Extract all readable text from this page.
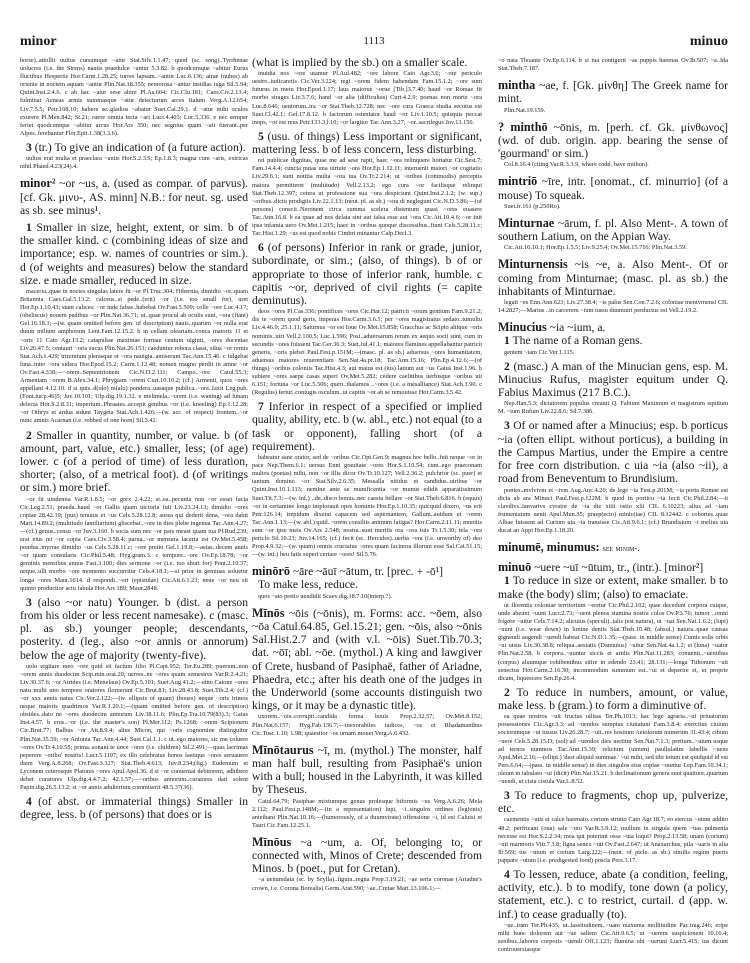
minor	1113	minuo

horse)..attollit uultus cursumque ~atur Stat.Silv.1.1.47; quod (sc. song)..Tyrrhenae uolucres (i.e. the Sirens) nautis praedulce ~antur 5.3.82. b quodcumque ~abitur Eurus fluctibus Hesperiis Hor.Carm.1.28.25; turres lapsam..~antur Luc.6.136; atrae (nubes) ab oriente in noctem aquam ~antur Plin.Nat.18.355; nemorosa ~antur insidias iuga Sil.5.94; Quint.Inst.2.4.6. c ab hac ~atur sese abire Pl.As.604; Cic.Clu.181; Caes.Civ.2.13.4; fulminat Aeneas armis summasque ~atur deiecturum arces Italum Verg.A.12.654; Liv.7.5.5; Petr.108.10; habere se..gladios ~abatur Suet.Cal.29.1. d ~atur mihi oculos exurere Pl.Men.842; St.21; ruere omnia tecta ~ari Lucr.4.403; Luc.5.336. e nec semper feriet quodcumque ~abitur arcus Hor.Ars 350; nec segnius quam ~ati fuerant..per Alpes..ferebantur Flor.Epit.1.38(3.3.6).

3 (tr.) To give an indication of (a future action).

uultus erat multa et praeclara ~antis Hor.S.2.3.9; Ep.1.8.3; magna cum ~aris, extricas nihil Phaed.4.23(24).4.

minor² ~or ~us, a. (used as compar. of parvus). [cf. Gk. μινυ-, AS. minn] N.B.: for neut. sg. used as sb. see minus¹.

1 Smaller in size, height, extent, or sim. b of the smaller kind. c (combining ideas of size and importance; esp. w. names of countries or sim.). d (of weights and measures) below the standard size. e made smaller, reduced in size.

maceria..quae in noctes singulas latere fit ~or Pl.Truc.304; Hibernia, dimidio ~or..quam Britannia Caes.Gal.5.13.2; calceus..si pede..(erit) ~or (i.e. too small for), uret Hor.Ep.1.10.43; stant calices: ~or inde fabas..habebat Ov.Fast.5.509; colle ~ore Luc.4.17; (obeliscus) nouem pedibus ~or Plin.Nat.36.71; ut..quae procul ab oculis sunt, ~ora (fiant) Gel.16.18.3;—(w. quam omitted before gen. of description) nauis..quarum ~or nulla erat duum milium amphorum Lent.Fam.12.15.2. b in cellam oleariam..conca maioris 11 et ~oris 11 Cato Agr.13.2; catapultae maximae formae centum uiginti, ~ores ducentae Liv.26.47.5; centauri ~oris sucus Plin.Nat.26.153; caeduntur robora classi, silua ~or remis Stat.Ach.1.429; triremium plerasque et ~ora nauigia..amiserunt Tac.Ann.15.46. c fulgebat luna..inter ~ora sidera Hor.Epod.15.2; Carm.1.12.48; nomen magno perdit in amne ~or Ov.Fast.4.338;—~orem..Septentrionem Cic.N.D.2.111; Campo..~ore Catul.55.3; Armeniam ~orem B.Alex.34.1; Phrygiam ~orem Curt.10.10.2; (cf.) Armenii, quos ~ores appellant 4.12.10. d si quis..d(olo) m(alo) pondera..uasaque publica..~ora..faxit Leg.pub.(Font.iur.p.46)5; Juv.10.101; Ulp.dig.19.1.32. e melimela..~orem (i.e. waning) ad lunam delecta Hor.S.2.8.31; imperium..Phraates..accepit genibus ~or (i.e. kneeling) Ep.1.12.28; ~or Othrys et ardua sidunt Taygeta Stat.Ach.1.426;—(w. acc. of respect) frontem..~or nunc amnis Acarnan (i.e. robbed of one horn) Sil.3.42.

2 Smaller in quantity, number, or value. b (of amount, part, value, etc.) smaller, less; (of age) lower. c (of a period of time) of less duration, shorter; (also, of a metrical foot). d (of writings or sim.) more brief.

~or fit uindemia Var.R.1.8.5; ~or grex 2.4.22; si..ea..pecunia non ~or esset facta Cic.Leg.2.51; praeda..haud ~or Gallis quam uictoria fuit Liv.23.24.13; dimidio ~ores copiae 28.42.19; (pus) tenuius et ~us Cels.5.28.12.8; aurea qui dederit dona, ~ora dabit Mart.14.89.2; (multitudo familiarium) gliscebat..~ore in dies plebe ingenua Tac.Ann.4.27;—(cf.) genus..censu ~or Juv.3.160. b socia sum nec ~or pars meast quam tua Pl.Rud.239; erat eius rei ~or copia Caes.Civ.3.58.4; parua..~or mensura lacerta est Ov.Met.5.458; pondus..myrrae dimidio ~us Cels.5.28.11.c; ~ore pretio Gel.1.19.8;—aetas..decem annis ~or quam consularis Cic.Phil.5.48; Hyg.gram.3. c tempore..~ore Ov.Ep.18.78; ~or geminis mensibus annus Fast.3.100; dies sermone ~or (i.e. too short for) Pont.2.10.37; neque..ulli morbo ~ore momento succurritur Cels.4.18.1;—si prior in geminas soluetur longa ~ores Maur.1614. d respondi..~ori (epistulae) Cic.Att.6.1.23; neue ~or neu sit quinto productior actu fabula Hor.Ars 189; Maur.2848.

3 (also ~or natu) Younger. b (dist. a person from his older or less recent namesake). c (masc. pl. as sb.) younger people; descendants, posterity. d (leg., also ~or annis or annorum) below the age of majority (twenty-five).

uolo ergitare meo ~ore quid sit factum filio Pl.Capt.952; Ter.Eu.289; puerum..non ~orem annis duodecim Scip.min.orat.20; uerres..ne ~ores quam semestres Var.R.2.4.21; Liv.30.37.6; ~or Atrides (i.e. Menelaus) Ov.Ep.5.101; Suet.Aug.41.2;—uino Catone ~ores natu multi uno tempore oratores floruerunt Cic.Brut.81; Liv.28.43.8; Suet.Tib.2.4; (cf.) ~or xxx annis natus Cic.Ver.2.122;—(w. ellipsis of quam) (boues) neque ~oris trimos neque maioris quadrimos Var.R.1.20.1;—(quam omitted before gen. of description) obsides..dato ne ~ores duodecim annorum Liv.38.11.6; Plin.Ep.Tra.10.79(83).3; Gaius Inst.4.57. b erus..~or (i.e. the master's son) Pl.Mer.112; Ps.1268; ~orem Scipionem Cic.Brut.77; Balbus ~or Att.8.9.4; alius Micon, qui ~oris cognomine distinguitur Plin.Nat.35.59; ~or Antonia Tac.Ann.4.44; Suet.Cal.1.1. c ut..ego maiores, sic me coluere ~ores Ov.Tr.4.10.55; prima..sonant te uoce ~ores (i.e. children) Sil.2.491;—quas lacrimas peperere ~oribu' nostris! Lucr.5.1197; ex illo celebratus honos laetique ~ores seruauere diem Verg.A.8.268; Ov.Fast.3.327; Stat.Theb.4.613; Juv.8.234;(fig.) Eudemum et Lyconem ceterosque Platonis ~ores Apul.Apol.36. d si ~or conueniat debitorem, adhibere debet curatores Ulp.dig.4.4.7.2; 42.1.57;—~oribus annorum..curatores dari solent Papin.dig.26.5.13.2; si ~or annis adulterium commiserit 48.5.37(36).

4 (of abst. or immaterial things) Smaller in degree, less. b (of persons) that does or is

(what is implied by the sb.) on a smaller scale.

inuidia nos ~ore utamur Pl.Aul.482; ~ore labore Cato Agr.3.6; ~ore periculo uestro..iudicaretis Cic.Ver.3.224; regi ~orem fidem habendam Fam.15.1.2; ~ore sum futurus in metu Hor.Epod.1.17; laus maiorue ~orue [Tib.]3.7.40; haud ~or Romae fit morbo strages Liv.3.7.6; hand ~or alia (difficultas) Curt.4.2.9; poenas non morte ~ora Luc.8.646; uentorum..ira ~or Stat.Theb.12.728; nec ~ore cura Graeca studia secutus est Suet.Cl.42.1; Gel.17.8.12. b factorum ostentator haud ~or Liv.1.10.5; quisquis peccat inops, ~or est reus Petr.133.3,l.10; ~or largitor Tac.Ann.3.27; ~or..sacrilegus Juv.13.150.

5 (usu. of things) Less important or significant, mattering less. b of less concern, less disturbing.

rei publicae dignitas, quae me ad sese rapit, haec ~ora relinquere hortatur Cic.Sest.7; Fam.14.4.4; cuncta putas una uirtute ~ora Hor.Ep.1.12.11; interuenit maiori ~or cogitatio Liv.29.6.1; sunt notitia multa ~ora tua Ov.Tr.2.214; ut ~oribus (commodis) perceptis maiora permitteret (multitudo) Vell.2.13.2; ego cura ~or facilisque relinqui Stat.Theb.12.397; cetera ut professione sua ~ora despiciunt Quint.Inst.2.1.2; (w. sup.) ~oribus..dictu prodigiis Liv.22.1.13; (neut. pl. as sb.) ~ora di neglegunt Cic.N.D.3.86;—(of persons) conscii..Neronem circa summa scelera distentum quasi ~ores euasere Tac.Ann.16.8. b ea quae ad nos delata sint aut falsa esse aut ~ora Cic.Att.10.4.6; ~or fuit ipsa infamia uero Ov.Met.1.215; haec in ~oribus quoque discessibus..fiunt Cels.5.28.11.c; Tac.Hist.1.29; ~us est quod nobis Cimbri minantur Calp.Decl.3.

6 (of persons) Inferior in rank or grade, junior, subordinate, or sim.; (also, of things). b of or appropriate to those of inferior rank, humble. c capitis ~or, deprived of civil rights (= capite deminutus).

deos ~ores Pl.Cas.336; pontifices ~ores Cic.Har.12; patricii ~orum gentium Fam.9.21.2; dis te ~orem quod geris, imperas Hor.Carm.3.6.5; per ~ores magistratus sedato..tumultu Liv.4.46.9; 25.1.11; Saturnus ~or est Ioue Ov.Met.15.858; Gracchus ac Scipio aliique ~oris nominis..uiri Vell.2.100.5; Luc.1.596; Posi..aduersarum rerum ex aequo socii sunt, cum in secundis ~ores fuissent Tac.Ger.36.3; Suet.Jul.41.1; maiores flamines appellabantur patricii generis, ~oris plebei Paul.Fest.p.151M;—(masc. pl. as sb.) aduersus ~ores humanitatem, aduersus maiores reuerentiam Sen.Nat.4a.pr.18; Tac.Ann.15.16; Plin.Ep.4.12.6;—(of things) ~oribus coloniis Tac.Hist.4.3; aut maius est (ius) latium aut ~us Gaius Inst.1.96. b subiere ~ores saepe casas superi Ov.Met.5.282; cedere caelitibus uerbisque ~oribus uti 6.151; fortuna ~or Luc.5.506; queri..thalamos ..~ores (i.e. a mésalliance) Stat.Ach.1.90. c (Regulus) fertur..coniugis osculum..ut capitis ~or ab se remouisse Hor.Carm.3.5.42.

7 Inferior in respect of a specified or implied quality, ability, etc. b (w. abl., etc.) not equal (to a task or opponent), falling short (of a requirement).

habeatur sane orator, sed de ~oribus Cic.Opt.Gen.9; magnus hoc bello..fuit neque ~or in pace Nep.Them.6.1; uersus Enni grauitate ~ores Hor.S.1.10.54; cum..ego praeconam multos (poetas) mihi, non ~or illis dicor Ov.Tr.10.127; Vell.2.36.2; pulchrior (sc. puer) et tantum domino ~or Stat.Silv.2.6.35; Messalla nitidus et candidus..uiribus ~or Quint.Inst.10.1.113; nemine ante se munificentia ~or munus edidit apparatissimum Suet.Tit.7.3;—(w. inf.) ..de..disco bonus..nec caestu bellare ~or Stat.Theb.6.816. b (equus) ~or in certamine longo implorauit opes hominis Hor.Ep.1.10.35; quicquid dixero, ~us erit Petr.126.14; trepidum dixerat capacem sed aspernantem, Gallum..auidum et ~orem Tac.Ann.1.13;—(w. abl.) quid..~orem consiliis animum fatigas? Hor.Carm.2.11.11; monitis sum ~or ipse meis Ov.Ars 2.548; nostra..sunt meritis ora ~ora tuis Tr.1.5.30; tela ~ora periclo Sil.10.23; Juv.14.165; (cf.) fecit (sc. Hercules)..uerba ~ora (i.e. unworthy of) deo Prop.4.9.32;—(w. quam) omnis cruciatus ~ores quam facinora illorum esse Sal.Cat.51.15;—(w. inf.) heu fatis superi certare ~ores! Sil.5.76.

minōrō ~āre ~āuī ~ātum, tr. [prec. + -ō¹]

To make less, reduce.

quos ~ato pretio uendidit Scaev.dig.18.7.10(interp.?).

Mīnōs ~ōis (~ōnis), m. Forms: acc. ~ōem, also ~ōa Catul.64.85, Gel.15.21; gen. ~ōis, also ~ōnis Sal.Hist.2.7 and (with v.l. ~ōis) Suet.Tib.70.3; dat. ~ōī; abl. ~ōe. (mythol.) A king and lawgiver of Crete, husband of Pasiphaë, father of Ariadne, Phaedra, etc.; after his death one of the judges in the Underworld (some accounts distinguish two kings, or it may be a dynastic title).

uxorem..~ois..corrupit..candida forma bouis Prop.2.32.57; Ov.Met.8.152; Plin.Nat.6.157; Hyg.Fab.136.7;—inexorabiles iudices, ~os et Rhadamanthus Cic.Tusc.1.10; 1.98; quaesitor ~os urnam mouet Verg.A.6.432.

Mīnōtaurus ~ī, m. (mythol.) The monster, half man half bull, resulting from Pasiphaë's union with a bull; housed in the Labyrinth, it was killed by Theseus.

Catul.64.79; Pasiphae mixtumque genus prolesque biformis ~us Verg.A.6.26; Mela 2.112; Paul.Fest.p.148M;—(in a representation) lupi, ~i..singulos ordines (legionis) anteibant Plin.Nat.10.16;—(humorously, of a duumvirate) offensione ~i, id est Caluisi et Tauri Cic.Fam.12.25.1.

Mīnōus ~a ~um, a. Of, belonging to, or connected with, Minos of Crete; descended from Minos. b (poet., put for Cretan).

~a uenumdata (sc. by Scylla)..figura..regna Prop.3.19.21; ~ae serta coronae (Ariadne's crown, i.e. Corona Borealis) Germ.Arat.590; ~ae..Cretae Mart.13.106.1;—

~o nata Thoante Ov.Ep.6.114. b si tua contigerit ~as puppis harenas Ov.Ib.507; ~a..Ida Stat.Theb.7.187.

mintha ~ae, f. [Gk. μίνθη] The Greek name for mint.

Plin.Nat.19.159.

? minthō ~ōnis, m. [perh. cf. Gk. μίνθωνος] (wd. of dub. origin. app. bearing the sense of 'gourmand' or sim.)

Col.8.16.4 (citing Var.R.3.3.9, where codd. have mithon).

mintriō ~īre, intr. [onomat., cf. minurrio] (of a mouse) To squeak.

Suet.fr.161 (p.250Ro).

Minturnae ~ārum, f. pl. Also Ment-. A town of southern Latium, on the Appian Way.

Cic.Att.16.10.1; Hor.Ep.1.5.5; Liv.9.25.4; Ov.Met.15.716; Plin.Nat.3.59.

Minturnensis ~is ~e, a. Also Ment-. Of or coming from Minturnae; (masc. pl. as sb.) the inhabitants of Minturnae.

legati ~es Enn.Ann.623; Liv.27.38.4; ~is palus Sen.Con.7.2.6; coloniae mentvrnensi CIL 14.2827;—Marius ..in carcerem ~ium iussu duumuiri perductus est Vell.2.19.2.

Minucius ~ia ~ium, a.

1 The name of a Roman gens.

gentem ~iam Cic.Ver.1.115.

2 (masc.) A man of the Minucian gens, esp. M. Minucius Rufus, magister equitum under Q. Fabius Maximus (217 B.C.).

Nep.Han.5.3; dictatorem populus creauit Q. Fabium Maximum et magistrum equitum M. ~ium Rufum Liv.22.8.6; Sil.7.386.

3 Of or named after a Minucius; esp. b porticus ~ia (often ellipt. without porticus), a building in the Campus Martius, under the Empire a centre for free corn distribution. c uia ~ia (also ~ii), a road from Beneventum to Brundisium.

pontes..mvlvivm et ~ivm Aug.Anc.4.20; de lege ~ia Fest.p.201M; ~ia porta Romae est dicta ab ara Minuci Paul.Fest.p.122M. b quod in porticu ~ia fecit Cic.Phil.2.84;—ti clavdivs..ianvarivs cvrator de ~ia die xiiii ostio xlii CIL 6.10223; alius ad ~iam frumentatum uenit Apul.Mun.35; praep(ecto) minic(iae) CIL 8.12442. c cohortes..quae Albae fuissent ad Curium uia ~ia transisse Cic.Att.9.6.1; (cf.) Brundisium ~i melius uia ducat an Appi Hor.Ep.1.18.20.

minumē, minumus: see minim-.

minuō ~uere ~uī ~ūtum, tr., (intr.). [minor²]

1 To reduce in size or extent, make smaller. b to make (the body) slim; (also) to emaciate.

ut florentis coloniae territorium ~eretur Cic.Phil.2.102; quae decedunt corpora cuique, unde abeunt ~uunt Lucr.2.73; ~uent plenos stamina nostra colos Ov.P.3.76; tumor ..omni frigore ~uitur Cels.7.14.2; alicuius (speculi)..talis (est natura), ut ~uat Sen.Nat.1.6.2; (lupi) ~uunt (i.e. wear down) in limine dentis Stat.Theb.10.48; (absol.) natura..quae causas gignendi augendi ~uendi habeat Cic.N.D.1.35;—(pass. in middle sense) Cumis solis orbis ~ui uisus Liv.30.38.8; reliqua..aestatis (Danuuius) ~uitur Sen.Nat.4a.1.2; si (luna) ~uatur Plin.Nat.2.58. b corpora..~uuntur siccis et aridis Plin.Nat.11.283; conuenit..~uentibus (corpus) aluumque cohibentibus sitire in edendo 23.41; 28.131;—longa Tithonum ~uit senectus Hor.Carm.2.16.30; incommodum summum est..~ui et deperire et, ut proprie dicam, liquescere Sen.Ep.26.4.

2 To reduce in numbers, amount, or value, make less. b (gram.) to form a diminutive of.

ea quae nostros ~uit fructus uilitas Ter.Ph.1013; hac lege agraria..~ui priuatorum possessiones Cic.Agr.3.3; ad ~uendos sumptus ciuitatum Fam.3.8.4; exercitus ciuium sociorumque ~ui iussus Liv.26.28.7; ~uit..res hostium Aetolorum numerum 31.43.4; cibum ~uere Cels.5.28.15.D; (sol) ad ~uendos dies uertitur Sen.Nat.7.1.3; pretium..~utum usque ad ternos nummos Tac.Ann.15.39; relictum (uinum) paullulatim labellis ~uens Apul.Met.2.16;—(ellipt.) 'dest aliquid summae.' ~ui mihi, sed tibi totum est quidquid id est Pers.6.64;—(pass. in middle sense) in dies singulos eius copiae ~uuntur Lep.Fam.10.34.1; oleum in tabulato ~ui (dicit) Plin.Nat.15.21. b declinationum genera sunt quattuor..quartum ~uendi, ut cista cistula Var.L.8.52.

3 To reduce to fragments, chop up, pulverize, etc.

caementis ~utis et calce harenato..corium struito Cato Agr.18.7; eo stercus ~utum addito 48.2; perfricant (oua) sale ~uto Var.R.3.9.12; mullum in singula quem ~uas pulmenta necesse est Hor.S.2.2.34; mea qui poterunt ossa ~uta loqui? Prop.2.13.58; unam (corium) ~uti marmoris Vitr.7.3.8; ligna senex ~uit Ov.Fast.2.647; ut Anaxarchus, pila ~uaris in alta Ib.569; tus ~utum et cretum Larg.222;—(neut. of ptcle. as sb.) similis regum pueris pappare ~utum (i.e. predigested food) poscis Pers.3.17.

4 To lessen, reduce, abate (a condition, feeling, activity, etc.). b to modify, tone down (a policy, statement, etc.). c to restrict, curtail. d (app. w. inf.) to cease gradually (to).

~ue..iram Ter.Ph.435; ut..lassitudinem..~uam maxuma mollitudine Pac.trag.246; eripe mihi hunc dolorem aut ~ue saltem Cic.Att.9.6.5; ut ~uerem suspicionem 10.16.4; senibus..labores corporis ~uendi Off.1.123; flumina ubi ~uerunt Lucr.5.415; ius dicunt controuersiasque
